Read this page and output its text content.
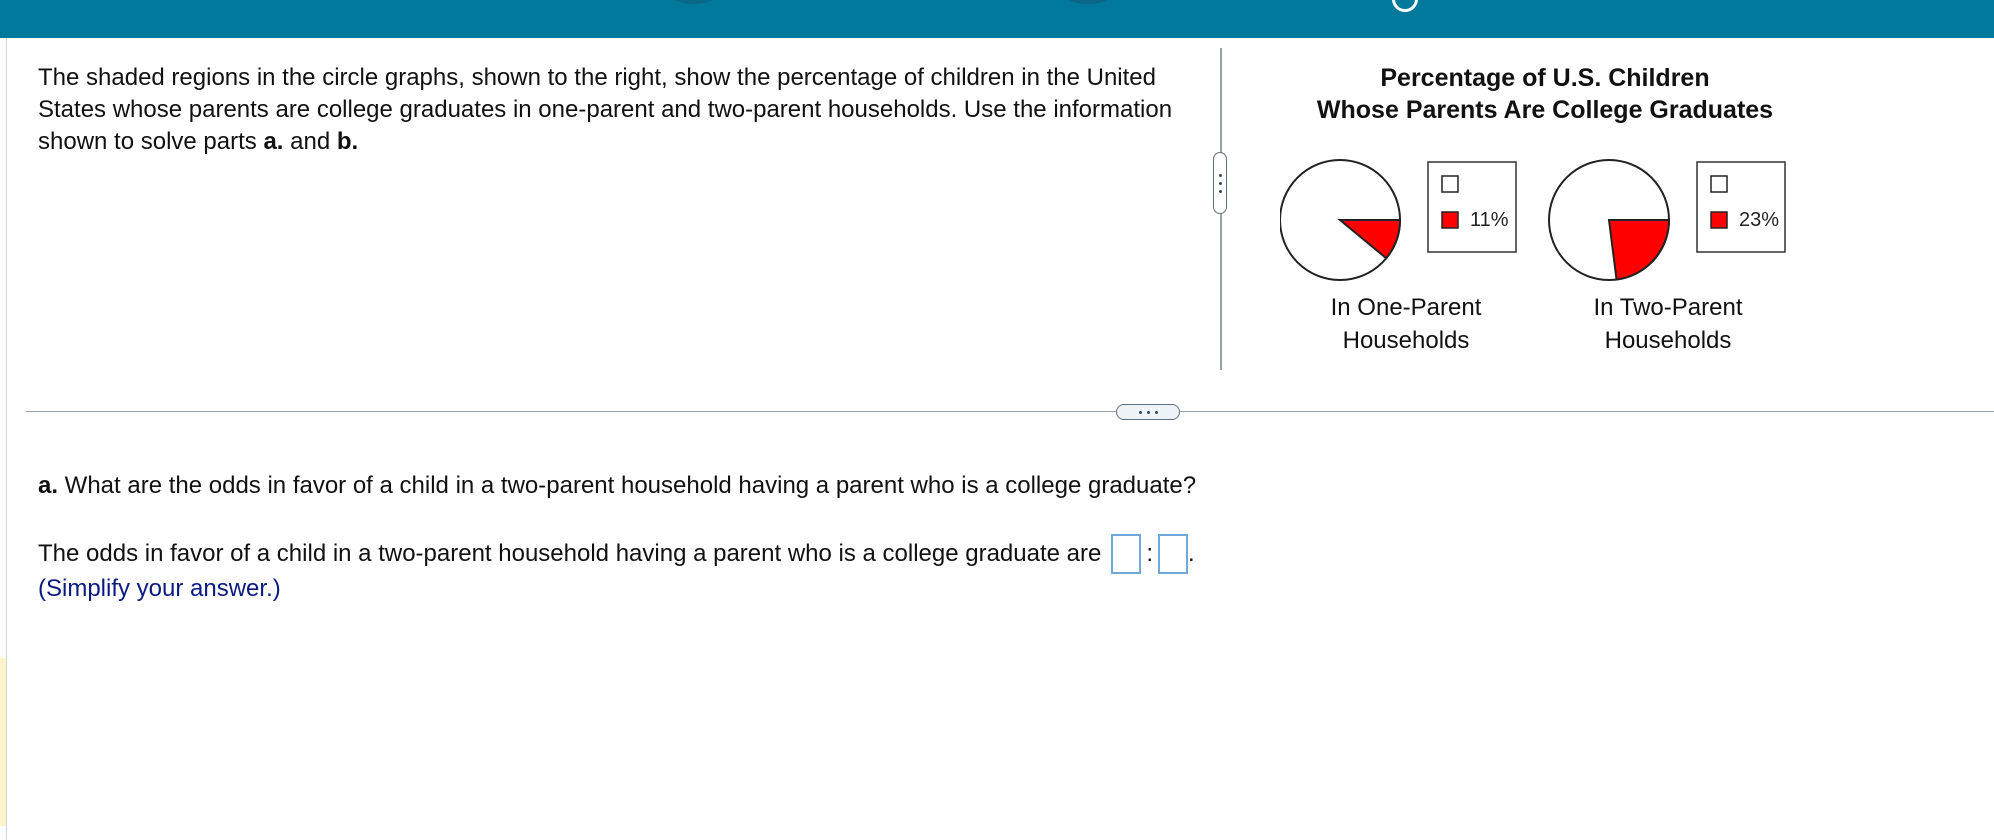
The shaded regions in the circle graphs, shown to the right, show the percentage of children in the United States whose parents are college graduates in one-parent and two-parent households. Use the information shown to solve parts a. and b.
Percentage of U.S. Children
Whose Parents Are College Graduates
11%
In One-Parent
Households
23%
In Two-Parent
Households
a. What are the odds in favor of a child in a two-parent household having a parent who is a college graduate?
The odds in favor of a child in a two-parent household having a parent who is a college graduate are : .
(Simplify your answer.)
